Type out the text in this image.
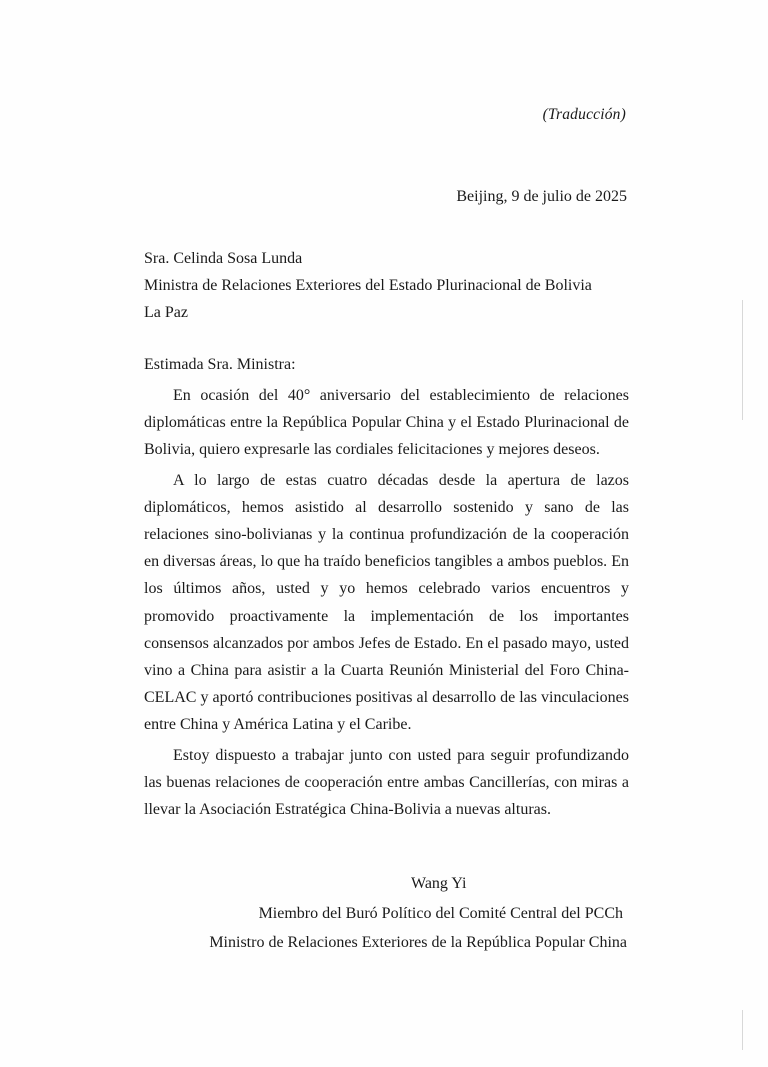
(Traducción)
Beijing, 9 de julio de 2025
Sra. Celinda Sosa Lunda
Ministra de Relaciones Exteriores del Estado Plurinacional de Bolivia
La Paz
Estimada Sra. Ministra:

En ocasión del 40° aniversario del establecimiento de relaciones diplomáticas entre la República Popular China y el Estado Plurinacional de Bolivia, quiero expresarle las cordiales felicitaciones y mejores deseos.

A lo largo de estas cuatro décadas desde la apertura de lazos diplomáticos, hemos asistido al desarrollo sostenido y sano de las relaciones sino-bolivianas y la continua profundización de la cooperación en diversas áreas, lo que ha traído beneficios tangibles a ambos pueblos. En los últimos años, usted y yo hemos celebrado varios encuentros y promovido proactivamente la implementación de los importantes consensos alcanzados por ambos Jefes de Estado. En el pasado mayo, usted vino a China para asistir a la Cuarta Reunión Ministerial del Foro China-CELAC y aportó contribuciones positivas al desarrollo de las vinculaciones entre China y América Latina y el Caribe.

Estoy dispuesto a trabajar junto con usted para seguir profundizando las buenas relaciones de cooperación entre ambas Cancillerías, con miras a llevar la Asociación Estratégica China-Bolivia a nuevas alturas.

Wang Yi
Miembro del Buró Político del Comité Central del PCCh
Ministro de Relaciones Exteriores de la República Popular China
